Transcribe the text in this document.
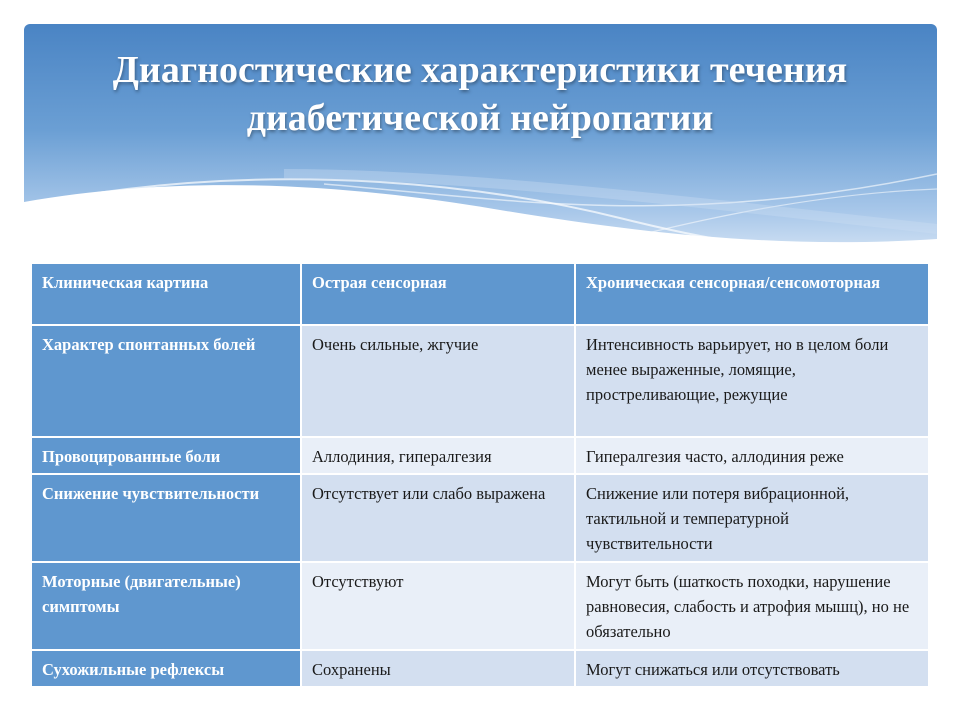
Диагностические характеристики течения диабетической нейропатии
Клиническая картина	Острая сенсорная	Хроническая сенсорная/сенсомоторная
Характер спонтанных болей	Очень сильные, жгучие	Интенсивность варьирует, но в целом боли менее выраженные, ломящие, простреливающие, режущие
Провоцированные боли	Аллодиния, гипералгезия	Гипералгезия часто, аллодиния реже
Снижение чувствительности	Отсутствует или слабо выражена	Снижение или потеря вибрационной, тактильной и температурной чувствительности
Моторные (двигательные) симптомы	Отсутствуют	Могут быть (шаткость походки, нарушение равновесия, слабость и атрофия мышц), но не обязательно
Сухожильные рефлексы	Сохранены	Могут снижаться или отсутствовать
